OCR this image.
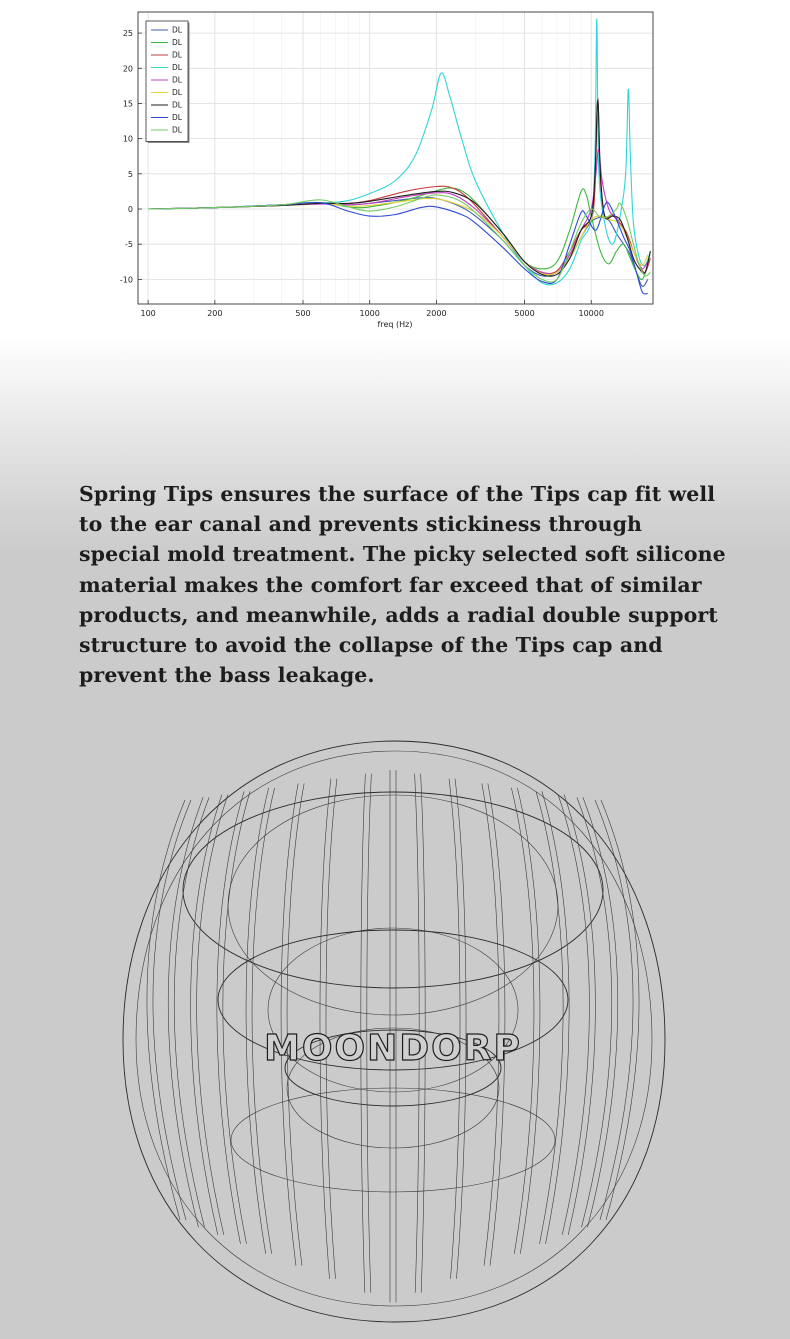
100	200	500	1000	2000	5000	10000
-10
-5
0
5
10
15
20
25
freq (Hz)
DL
DL
DL
DL
DL
DL
DL
DL
DL

Spring Tips ensures the surface of the Tips cap fit well to the ear canal and prevents stickiness through special mold treatment. The picky selected soft silicone material makes the comfort far exceed that of similar products, and meanwhile, adds a radial double support structure to avoid the collapse of the Tips cap and prevent the bass leakage.

MOONDORP
